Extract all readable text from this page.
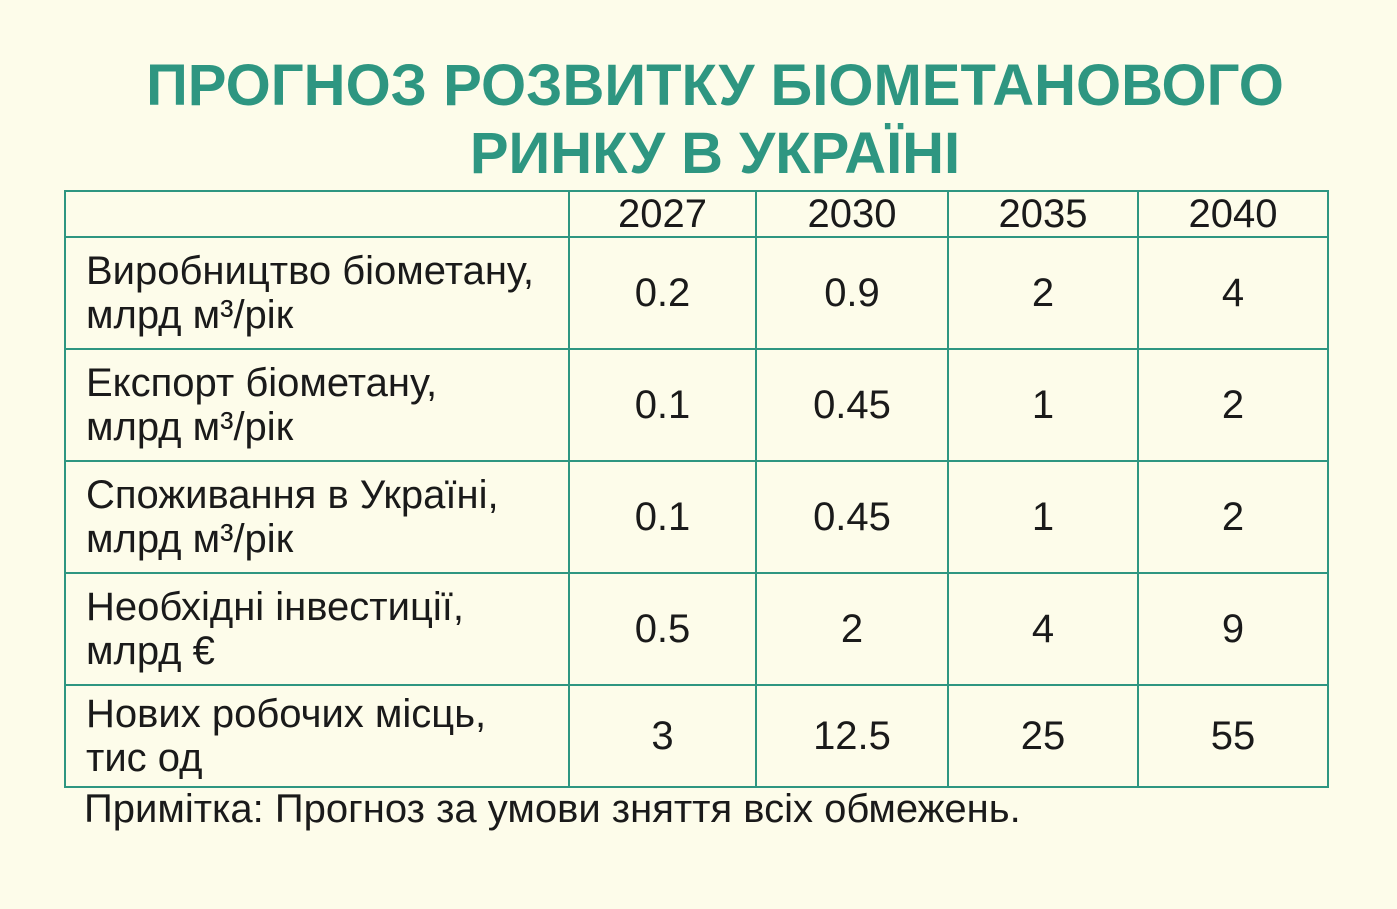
ПРОГНОЗ РОЗВИТКУ БІОМЕТАНОВОГО
РИНКУ В УКРАЇНІ
	2027	2030	2035	2040

Виробництво біометану,
млрд м³/рік	0.2	0.9	2	4

Експорт біометану,
млрд м³/рік	0.1	0.45	1	2

Споживання в Україні,
млрд м³/рік	0.1	0.45	1	2

Необхідні інвестиції,
млрд €	0.5	2	4	9

Нових робочих місць,
тис од	3	12.5	25	55

Примітка: Прогноз за умови зняття всіх обмежень.
